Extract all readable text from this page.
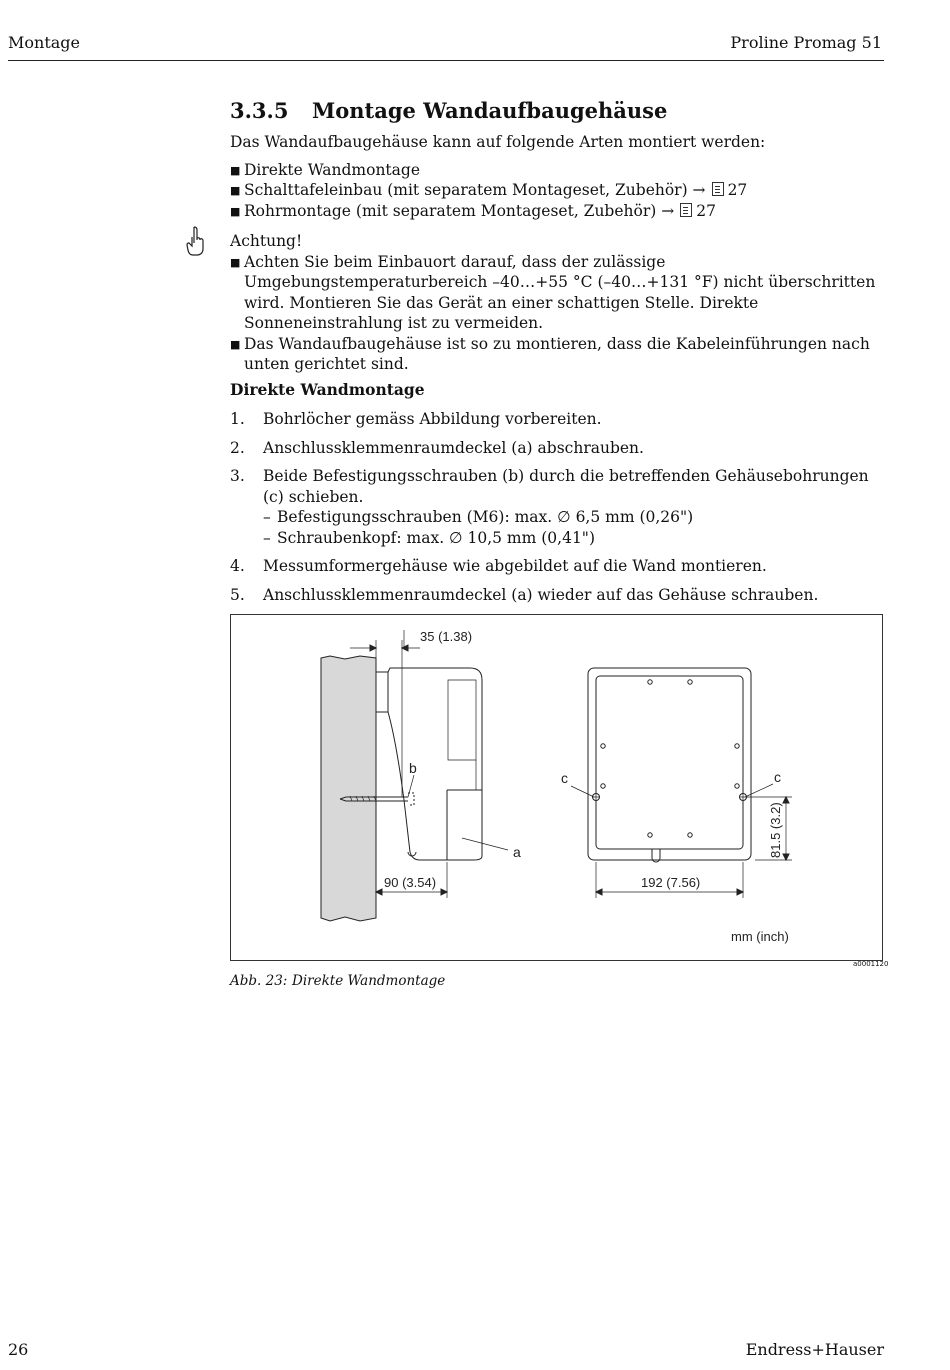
Montage	Proline Promag 51
3.3.5 Montage Wandaufbaugehäuse
Das Wandaufbaugehäuse kann auf folgende Arten montiert werden:
■ Direkte Wandmontage
■ Schalttafeleinbau (mit separatem Montageset, Zubehör) → 27
■ Rohrmontage (mit separatem Montageset, Zubehör) → 27
Achtung!
■ Achten Sie beim Einbauort darauf, dass der zulässige Umgebungstemperaturbereich –40…+55 °C (–40…+131 °F) nicht überschritten wird. Montieren Sie das Gerät an einer schattigen Stelle. Direkte Sonneneinstrahlung ist zu vermeiden.
■ Das Wandaufbaugehäuse ist so zu montieren, dass die Kabeleinführungen nach unten gerichtet sind.
Direkte Wandmontage
1. Bohrlöcher gemäss Abbildung vorbereiten.
2. Anschlussklemmenraumdeckel (a) abschrauben.
3. Beide Befestigungsschrauben (b) durch die betreffenden Gehäusebohrungen (c) schieben.
– Befestigungsschrauben (M6): max. ∅ 6,5 mm (0,26")
– Schraubenkopf: max. ∅ 10,5 mm (0,41")
4. Messumformergehäuse wie abgebildet auf die Wand montieren.
5. Anschlussklemmenraumdeckel (a) wieder auf das Gehäuse schrauben.
35 (1.38)
90 (3.54)	192 (7.56)
81.5 (3.2)
a
b
c	c
mm (inch)
a0001120
Abb. 23: Direkte Wandmontage
26	Endress+Hauser
